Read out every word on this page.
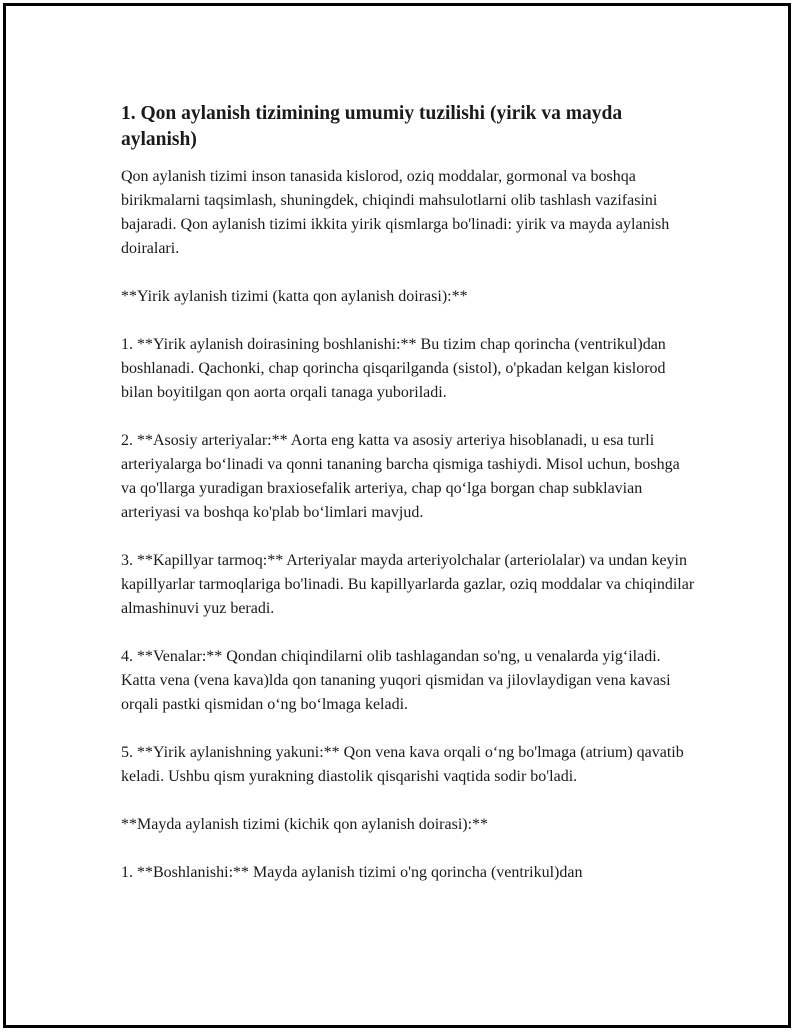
1. Qon aylanish tizimining umumiy tuzilishi (yirik va mayda aylanish)

Qon aylanish tizimi inson tanasida kislorod, oziq moddalar, gormonal va boshqa birikmalarni taqsimlash, shuningdek, chiqindi mahsulotlarni olib tashlash vazifasini bajaradi. Qon aylanish tizimi ikkita yirik qismlarga bo'linadi: yirik va mayda aylanish doiralari.

**Yirik aylanish tizimi (katta qon aylanish doirasi):**

1. **Yirik aylanish doirasining boshlanishi:** Bu tizim chap qorincha (ventrikul)dan boshlanadi. Qachonki, chap qorincha qisqarilganda (sistol), o'pkadan kelgan kislorod bilan boyitilgan qon aorta orqali tanaga yuboriladi.

2. **Asosiy arteriyalar:** Aorta eng katta va asosiy arteriya hisoblanadi, u esa turli arteriyalarga bo‘linadi va qonni tananing barcha qismiga tashiydi. Misol uchun, boshga va qo'llarga yuradigan braxiosefalik arteriya, chap qo‘lga borgan chap subklavian arteriyasi va boshqa ko'plab bo‘limlari mavjud.

3. **Kapillyar tarmoq:** Arteriyalar mayda arteriyolchalar (arteriolalar) va undan keyin kapillyarlar tarmoqlariga bo'linadi. Bu kapillyarlarda gazlar, oziq moddalar va chiqindilar almashinuvi yuz beradi.

4. **Venalar:** Qondan chiqindilarni olib tashlagandan so'ng, u venalarda yig‘iladi. Katta vena (vena kava)lda qon tananing yuqori qismidan va jilovlaydigan vena kavasi orqali pastki qismidan o‘ng bo‘lmaga keladi.

5. **Yirik aylanishning yakuni:** Qon vena kava orqali o‘ng bo'lmaga (atrium) qavatib keladi. Ushbu qism yurakning diastolik qisqarishi vaqtida sodir bo'ladi.

**Mayda aylanish tizimi (kichik qon aylanish doirasi):**

1. **Boshlanishi:** Mayda aylanish tizimi o'ng qorincha (ventrikul)dan
